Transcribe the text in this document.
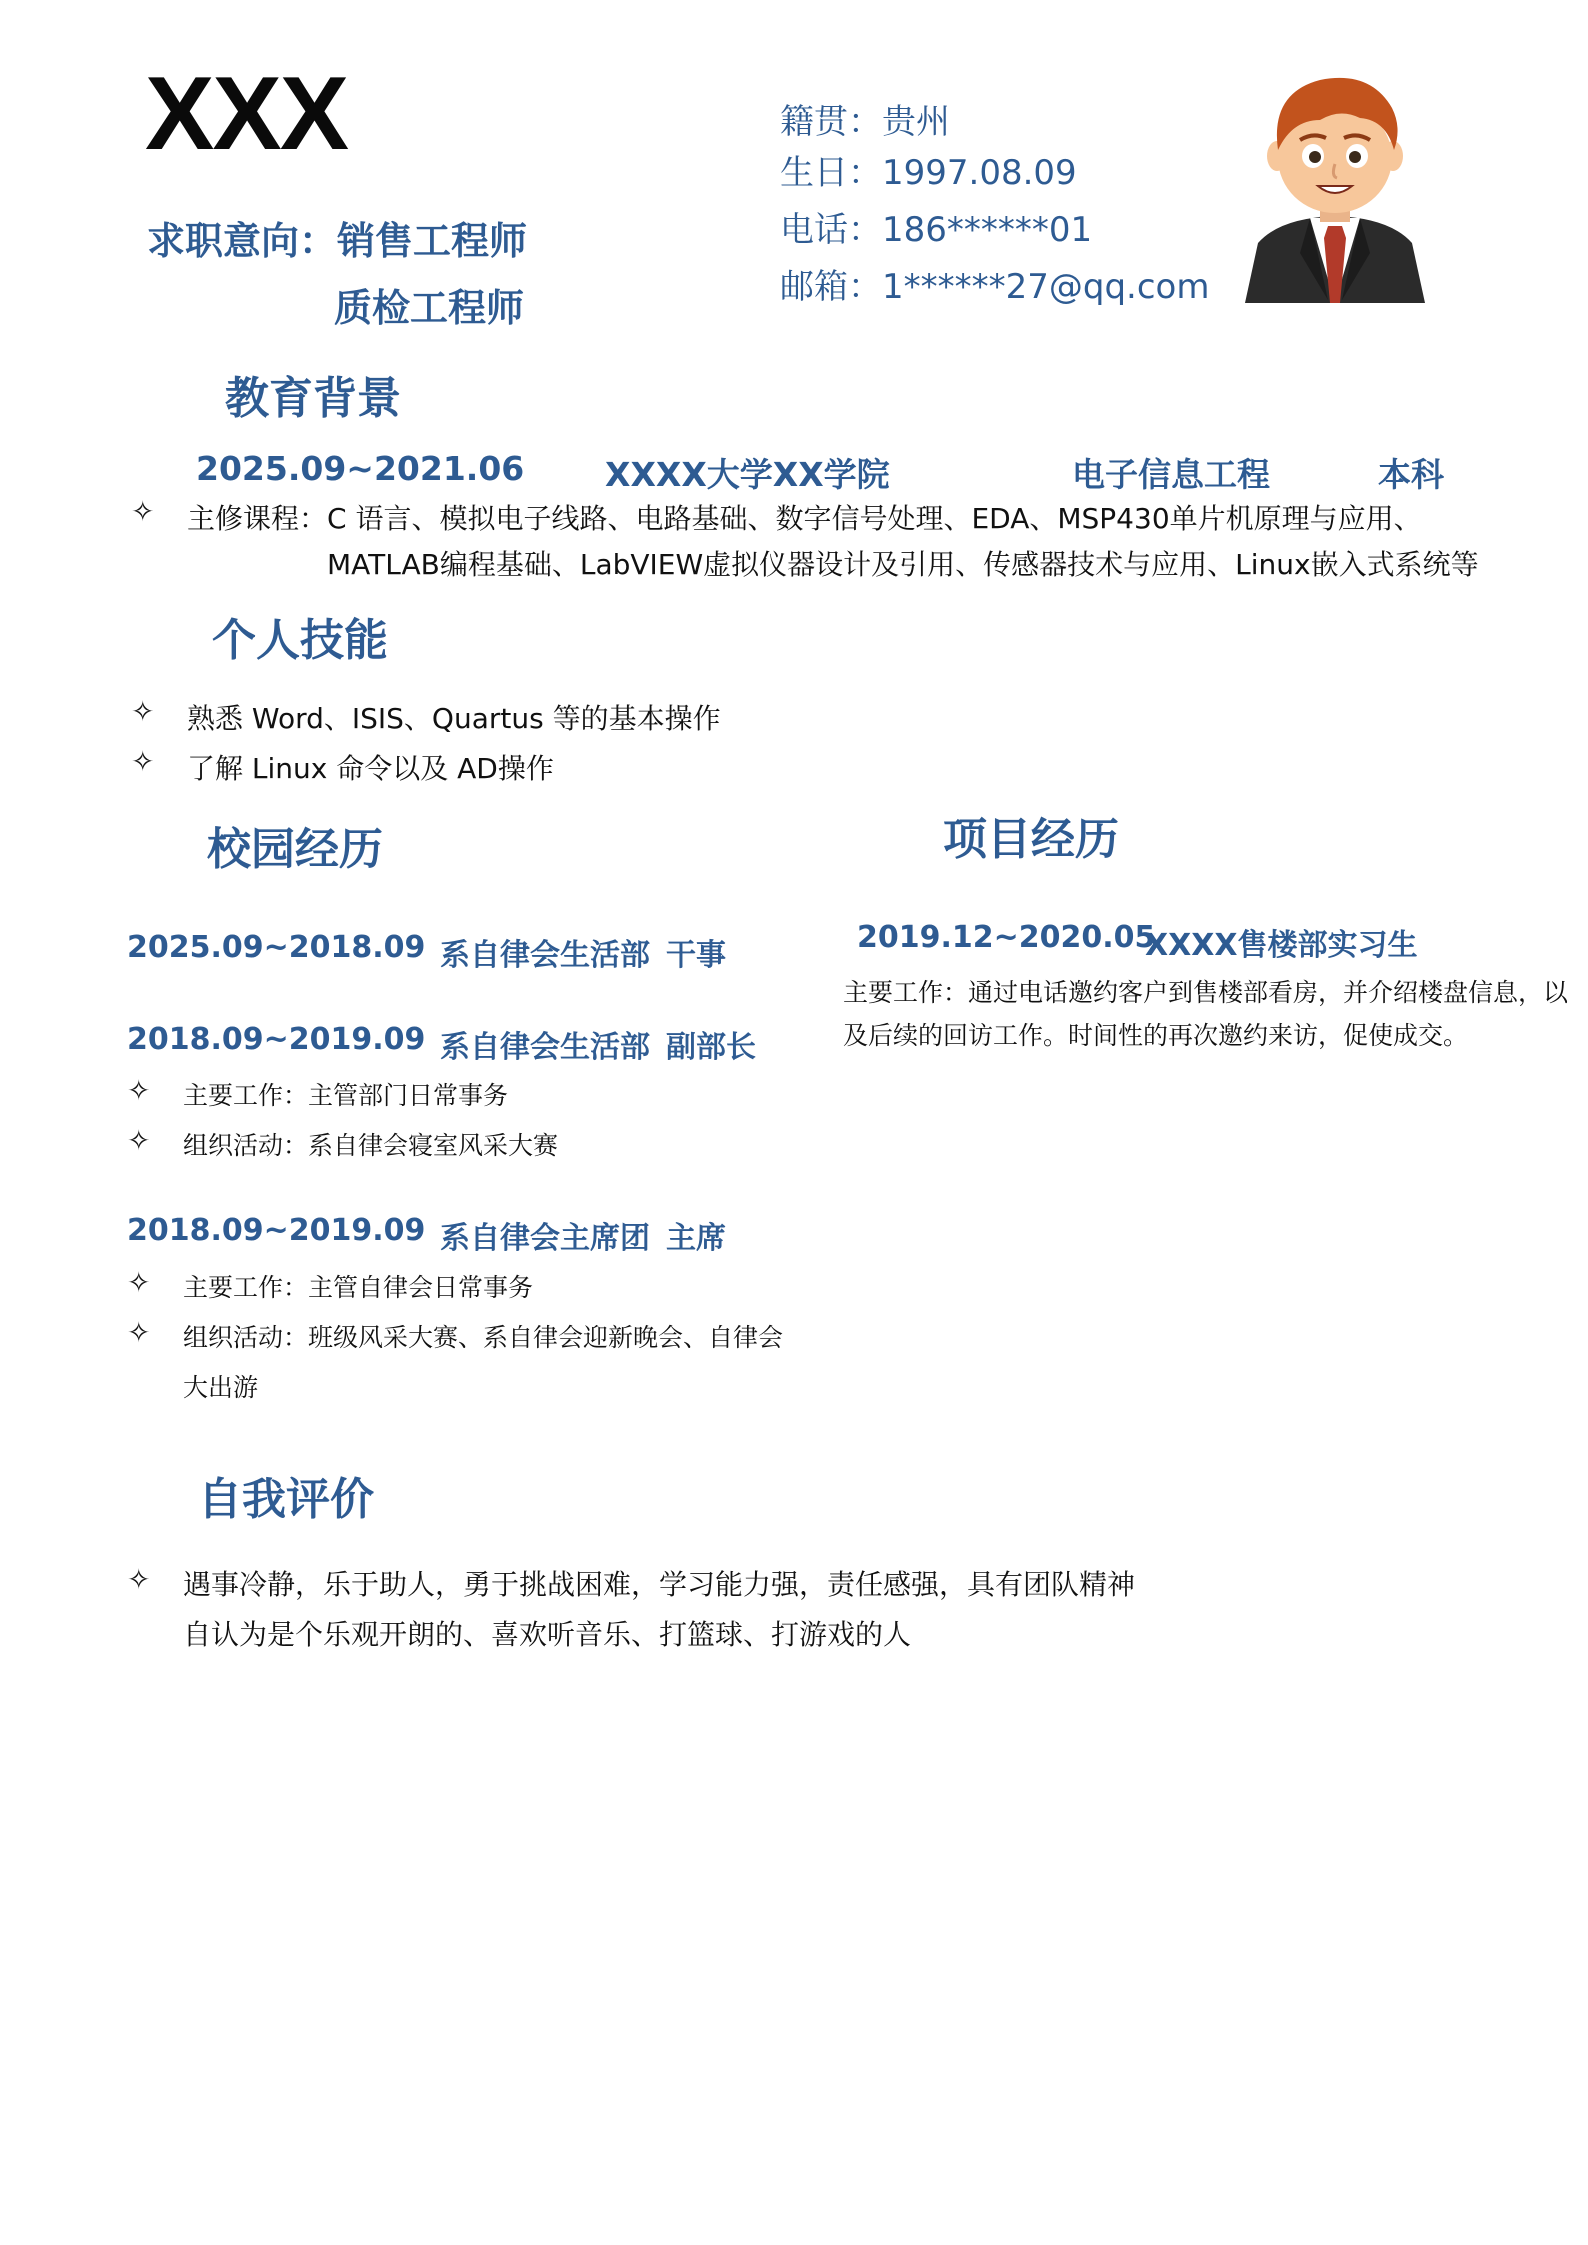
XXX
求职意向：销售工程师
质检工程师
籍贯：贵州
生日：1997.08.09
电话：186******01
邮箱：1******27@qq.com
教育背景
2025.09~2021.06 XXXX大学XX学院	电子信息工程	本科
✧ 主修课程：C 语言、模拟电子线路、电路基础、数字信号处理、EDA、MSP430单片机原理与应用、
MATLAB编程基础、LabVIEW虚拟仪器设计及引用、传感器技术与应用、Linux嵌入式系统等
个人技能
✧ 熟悉 Word、ISIS、Quartus 等的基本操作
✧ 了解 Linux 命令以及 AD操作
校园经历
2025.09~2018.09 系自律会生活部 干事
2018.09~2019.09 系自律会生活部 副部长
✧ 主要工作：主管部门日常事务
✧ 组织活动：系自律会寝室风采大赛
2018.09~2019.09 系自律会主席团 主席
✧ 主要工作：主管自律会日常事务
✧ 组织活动：班级风采大赛、系自律会迎新晚会、自律会
大出游
项目经历
2019.12~2020.05
XXXX售楼部实习生
主要工作：通过电话邀约客户到售楼部看房，并介绍楼盘信息，以
及后续的回访工作。时间性的再次邀约来访，促使成交。
自我评价
✧ 遇事冷静，乐于助人，勇于挑战困难，学习能力强，责任感强，具有团队精神
自认为是个乐观开朗的、喜欢听音乐、打篮球、打游戏的人
